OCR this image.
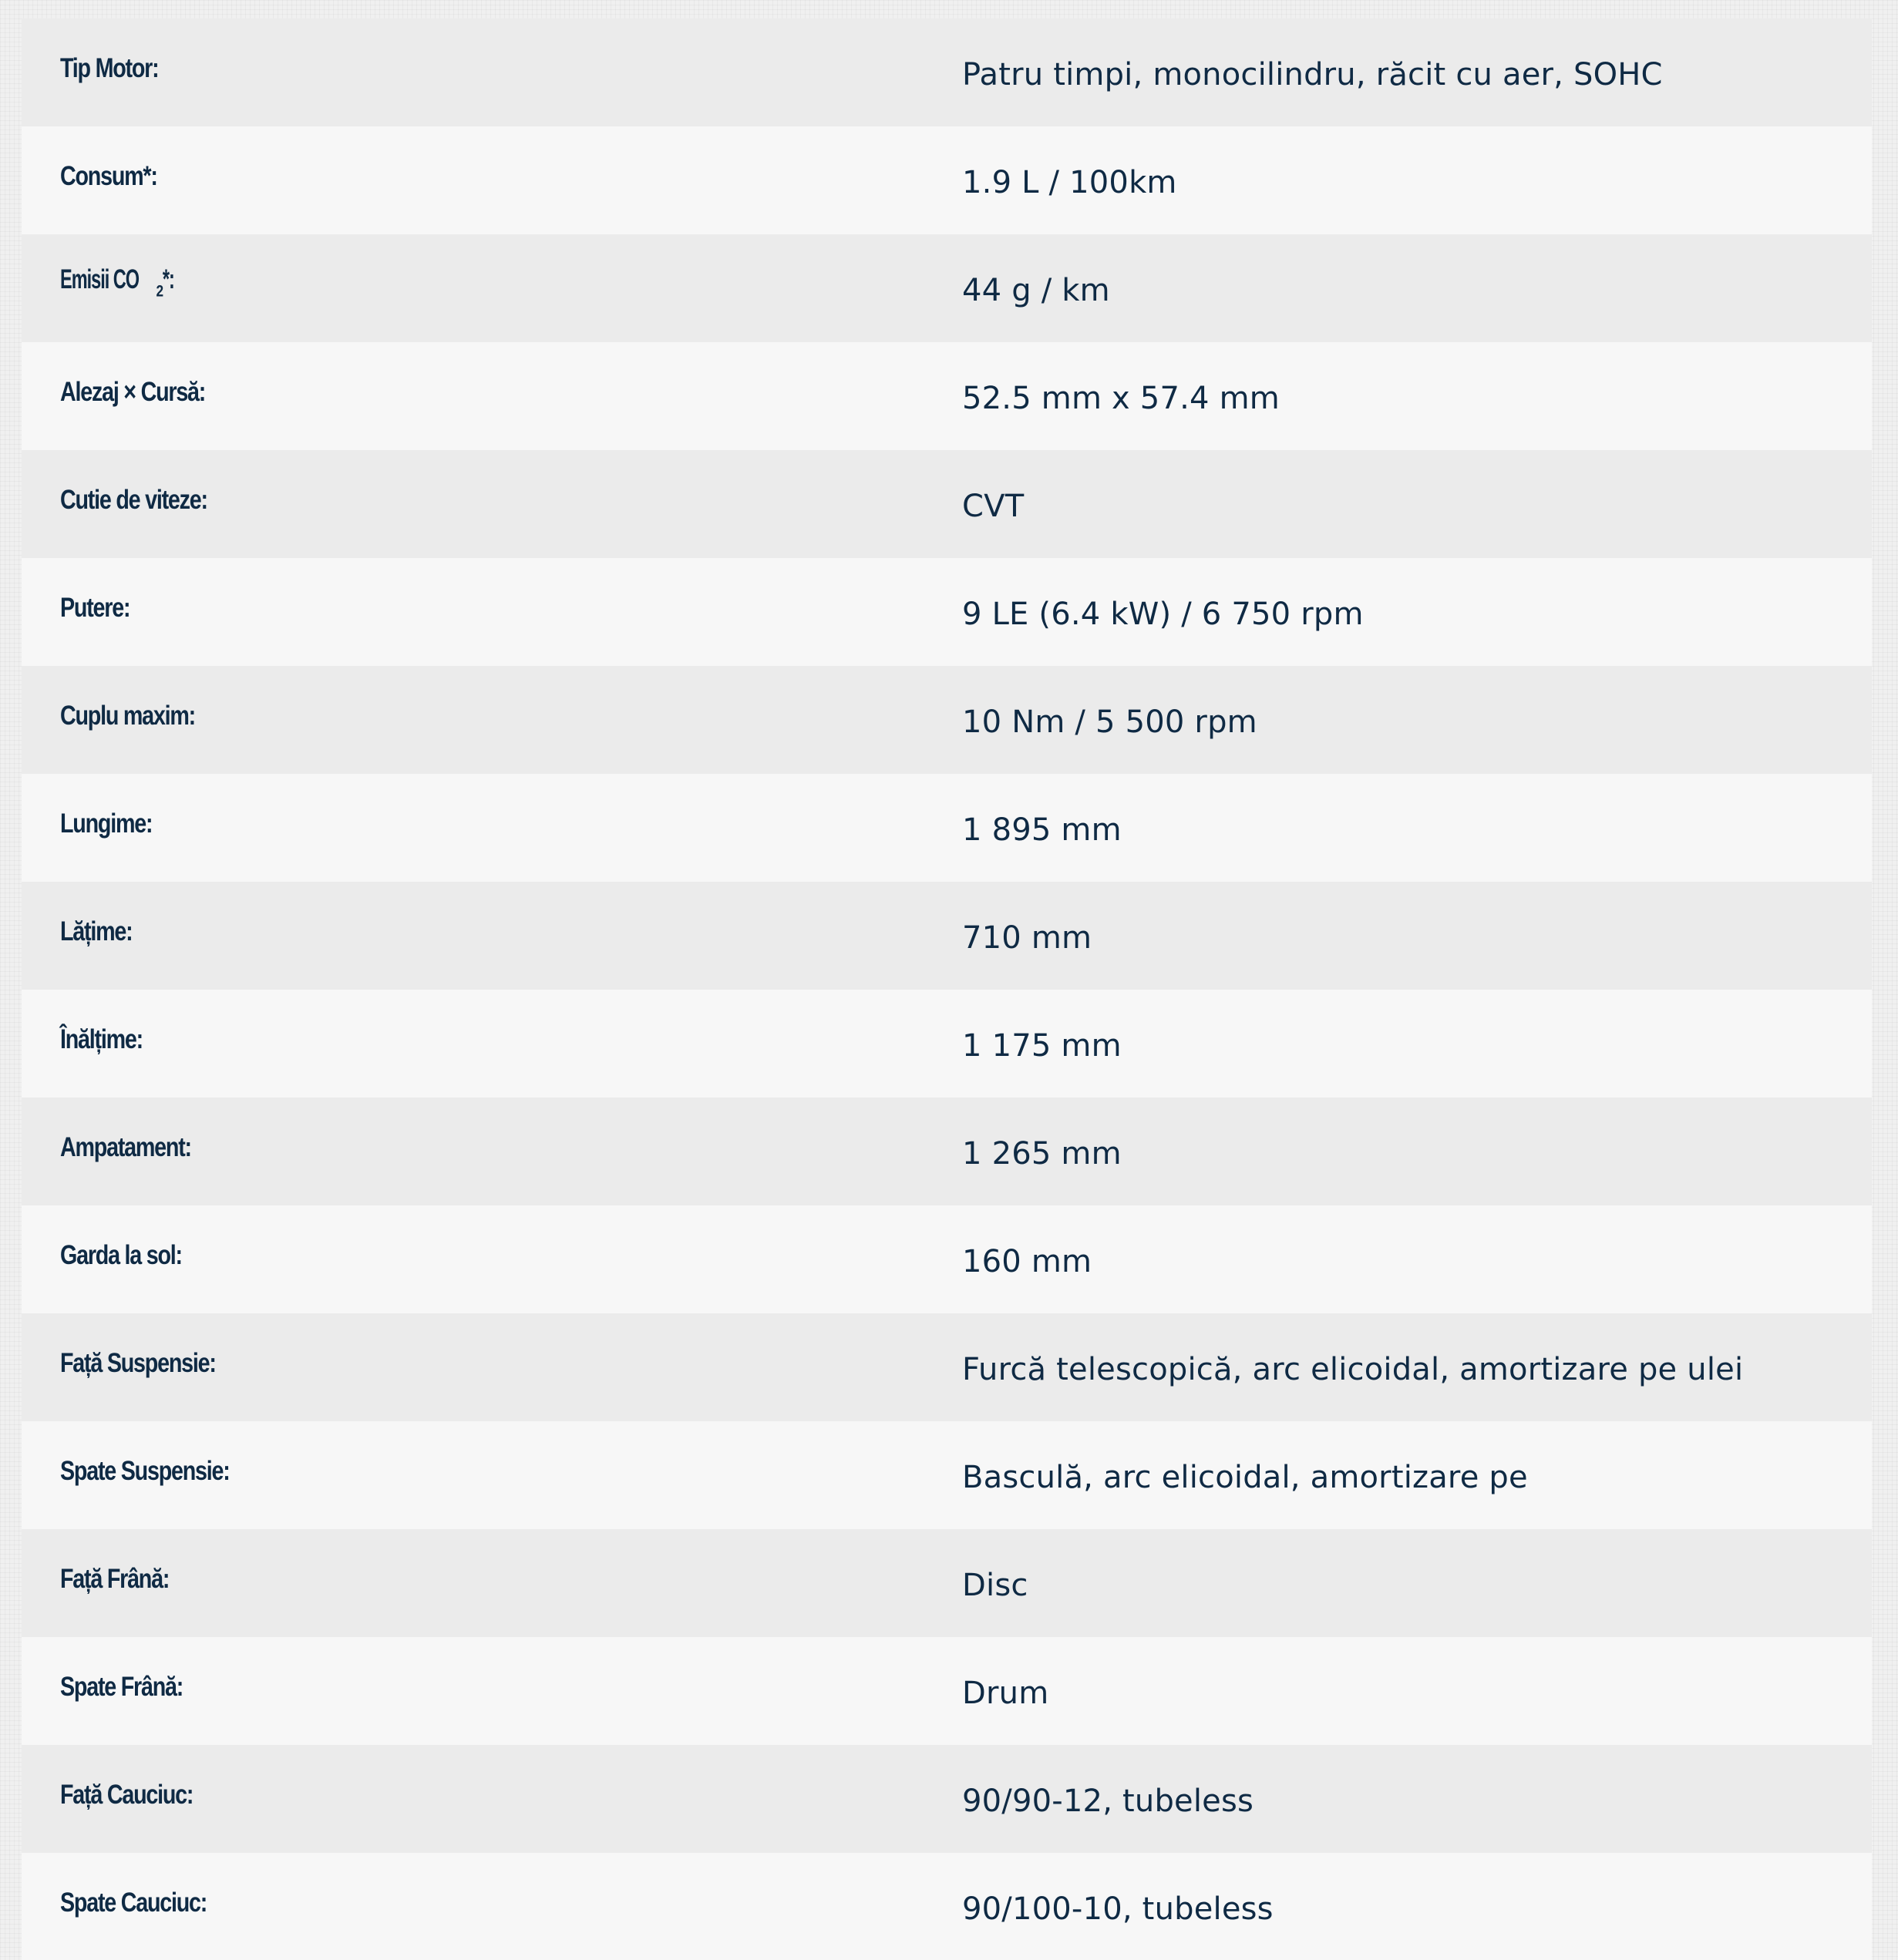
Tip Motor:	Patru timpi, monocilindru, răcit cu aer, SOHC
Consum*:	1.9 L / 100km
Emisii CO $_2$*:	44 g / km
Alezaj × Cursă:	52.5 mm x 57.4 mm
Cutie de viteze:	CVT
Putere:	9 LE (6.4 kW) / 6 750 rpm
Cuplu maxim:	10 Nm / 5 500 rpm
Lungime:	1 895 mm
Lățime:	710 mm
Înălțime:	1 175 mm
Ampatament:	1 265 mm
Garda la sol:	160 mm
Față Suspensie:	Furcă telescopică, arc elicoidal, amortizare pe ulei
Spate Suspensie:	Basculă, arc elicoidal, amortizare pe
Față Frână:	Disc
Spate Frână:	Drum
Față Cauciuc:	90/90-12, tubeless
Spate Cauciuc:	90/100-10, tubeless
